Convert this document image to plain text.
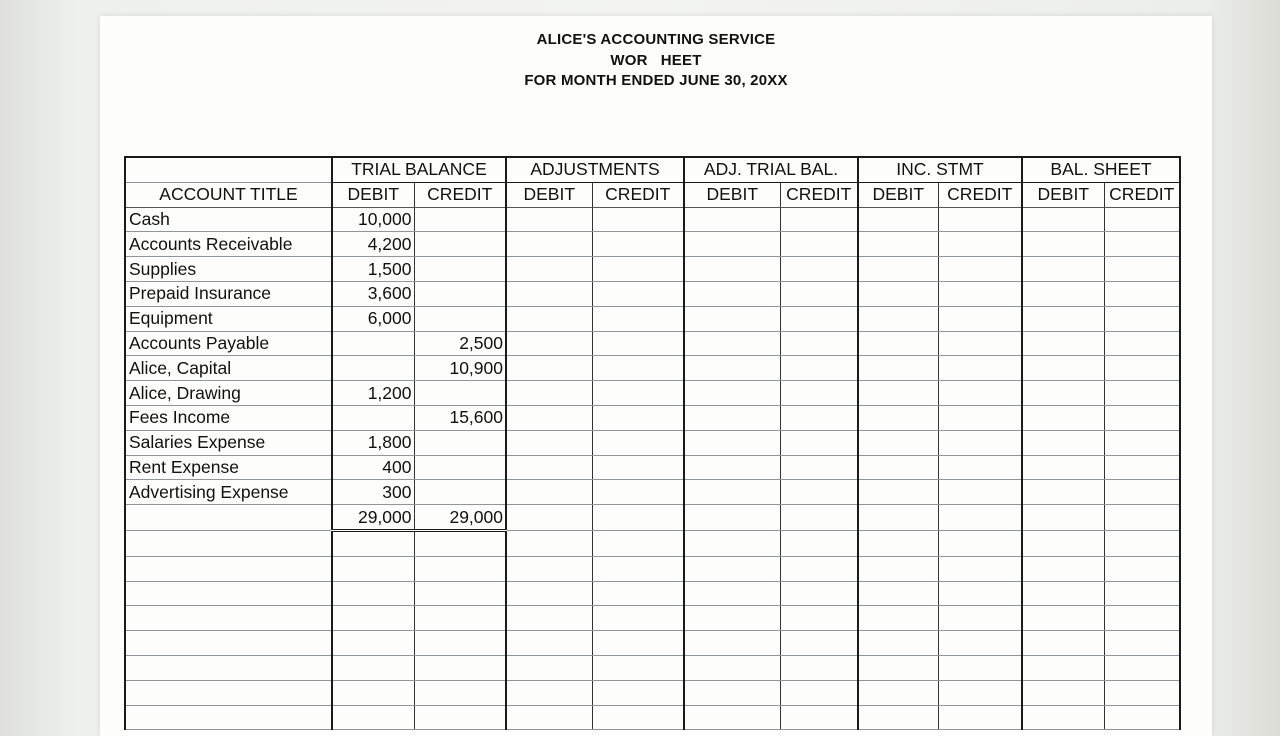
ALICE'S ACCOUNTING SERVICE
WOR   HEET
FOR MONTH ENDED JUNE 30, 20XX
	TRIAL BALANCE		ADJUSTMENTS		ADJ. TRIAL BAL.		INC. STMT		BAL. SHEET	
ACCOUNT TITLE	DEBIT	CREDIT	DEBIT	CREDIT	DEBIT	CREDIT	DEBIT	CREDIT	DEBIT	CREDIT
Cash	10,000									
Accounts Receivable	4,200									
Supplies	1,500									
Prepaid Insurance	3,600									
Equipment	6,000									
Accounts Payable		2,500								
Alice, Capital		10,900								
Alice, Drawing	1,200									
Fees Income		15,600								
Salaries Expense	1,800									
Rent Expense	400									
Advertising Expense	300									
	29,000	29,000								
